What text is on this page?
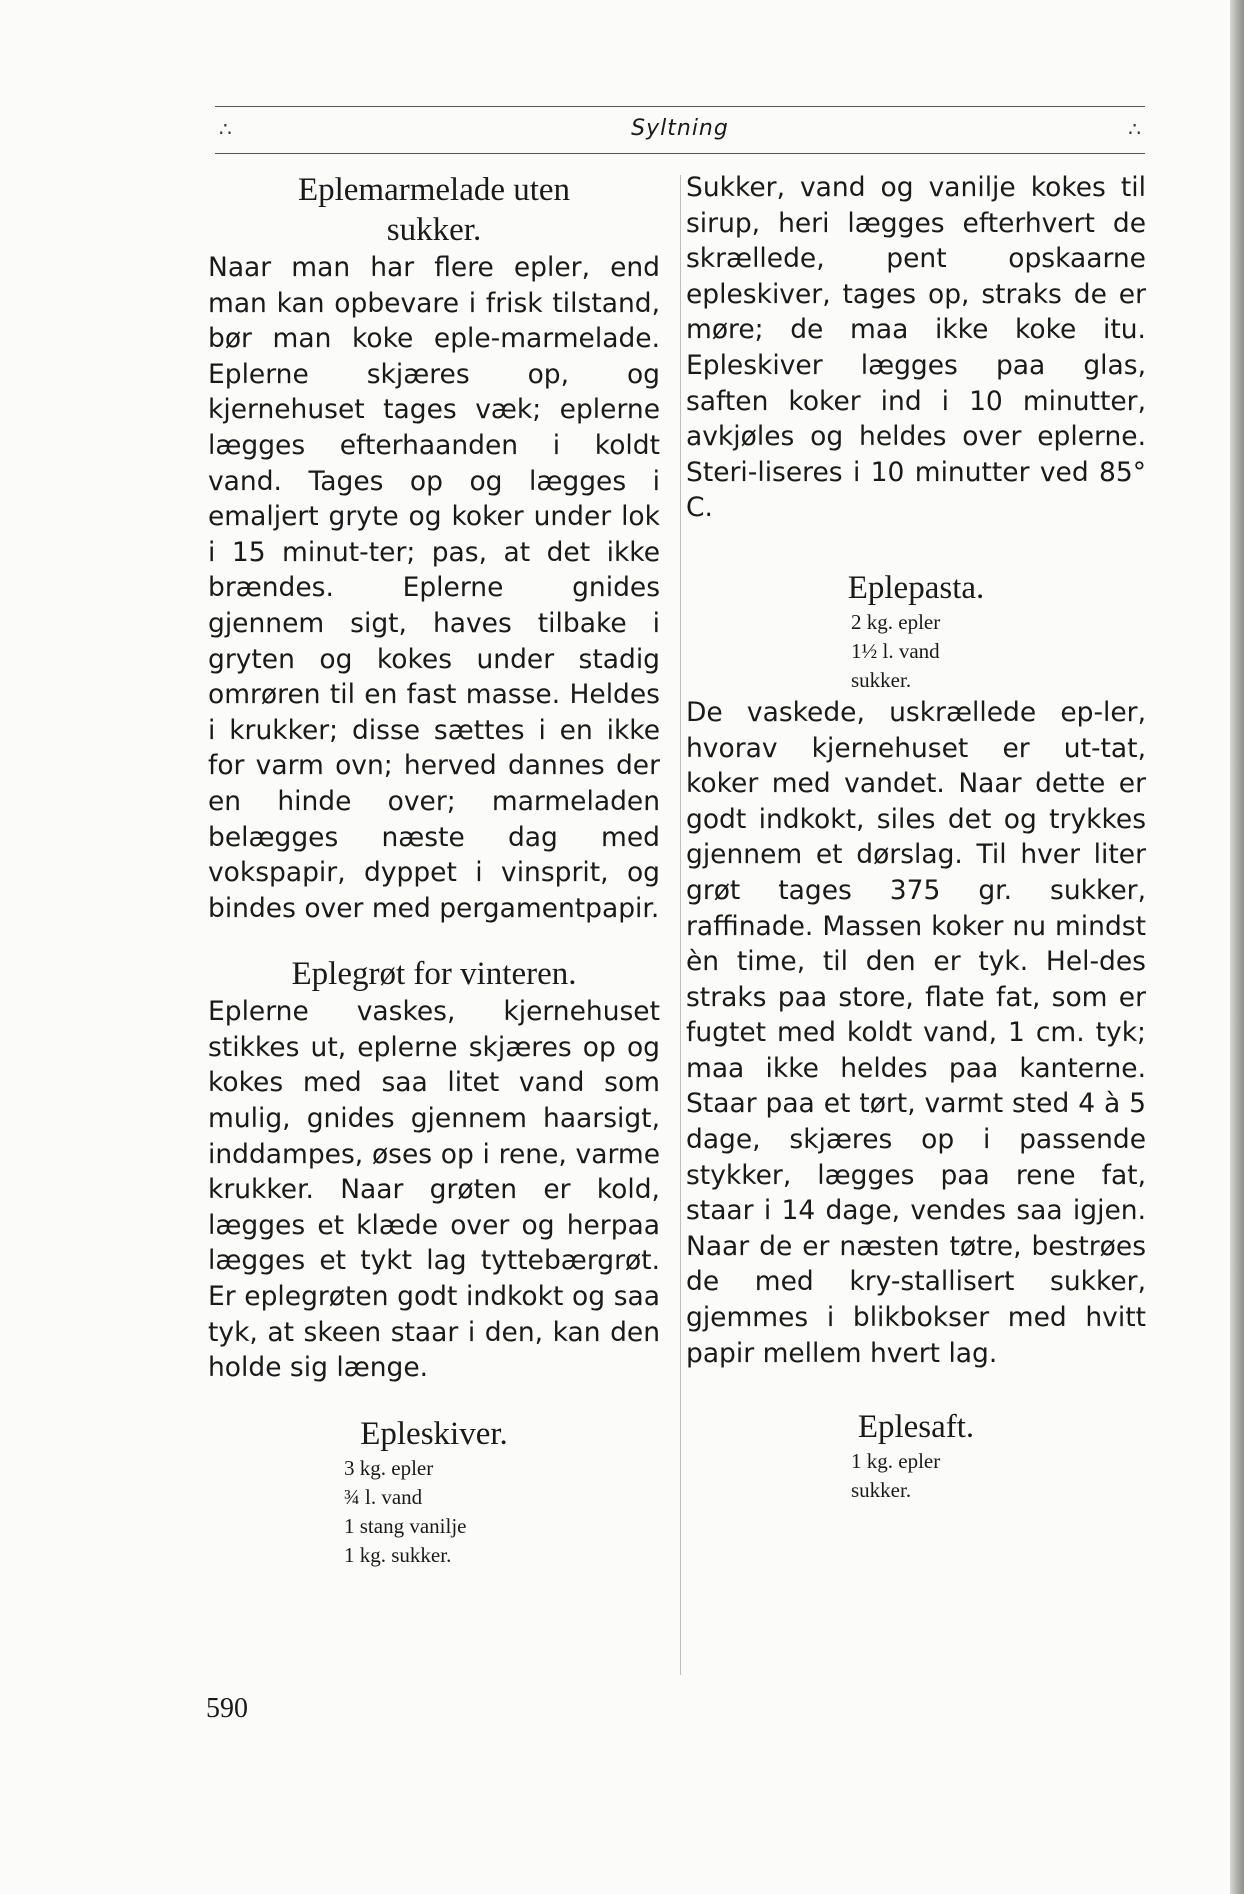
∴	Syltning	∴
Eplemarmelade uten
sukker.

Naar man har flere epler, end man kan opbevare i frisk tilstand, bør man koke eple-marmelade. Eplerne skjæres op, og kjernehuset tages væk; eplerne lægges efterhaanden i koldt vand. Tages op og lægges i emaljert gryte og koker under lok i 15 minut-ter; pas, at det ikke brændes. Eplerne gnides gjennem sigt, haves tilbake i gryten og kokes under stadig omrøren til en fast masse. Heldes i krukker; disse sættes i en ikke for varm ovn; herved dannes der en hinde over; marmeladen belægges næste dag med vokspapir, dyppet i vinsprit, og bindes over med pergamentpapir.

Eplegrøt for vinteren.

Eplerne vaskes, kjernehuset stikkes ut, eplerne skjæres op og kokes med saa litet vand som mulig, gnides gjennem haarsigt, inddampes, øses op i rene, varme krukker. Naar grøten er kold, lægges et klæde over og herpaa lægges et tykt lag tyttebærgrøt. Er eplegrøten godt indkokt og saa tyk, at skeen staar i den, kan den holde sig længe.

Epleskiver.
3 kg. epler
¾ l. vand
1 stang vanilje
1 kg. sukker.

Sukker, vand og vanilje kokes til sirup, heri lægges efterhvert de skrællede, pent opskaarne epleskiver, tages op, straks de er møre; de maa ikke koke itu. Epleskiver lægges paa glas, saften koker ind i 10 minutter, avkjøles og heldes over eplerne. Steri-liseres i 10 minutter ved 85° C.

Eplepasta.
2 kg. epler
1½ l. vand
sukker.

De vaskede, uskrællede ep-ler, hvorav kjernehuset er ut-tat, koker med vandet. Naar dette er godt indkokt, siles det og trykkes gjennem et dørslag. Til hver liter grøt tages 375 gr. sukker, raffinade. Massen koker nu mindst èn time, til den er tyk. Hel-des straks paa store, flate fat, som er fugtet med koldt vand, 1 cm. tyk; maa ikke heldes paa kanterne. Staar paa et tørt, varmt sted 4 à 5 dage, skjæres op i passende stykker, lægges paa rene fat, staar i 14 dage, vendes saa igjen. Naar de er næsten tøtre, bestrøes de med kry-stallisert sukker, gjemmes i blikbokser med hvitt papir mellem hvert lag.

Eplesaft.
1 kg. epler
sukker.
590
